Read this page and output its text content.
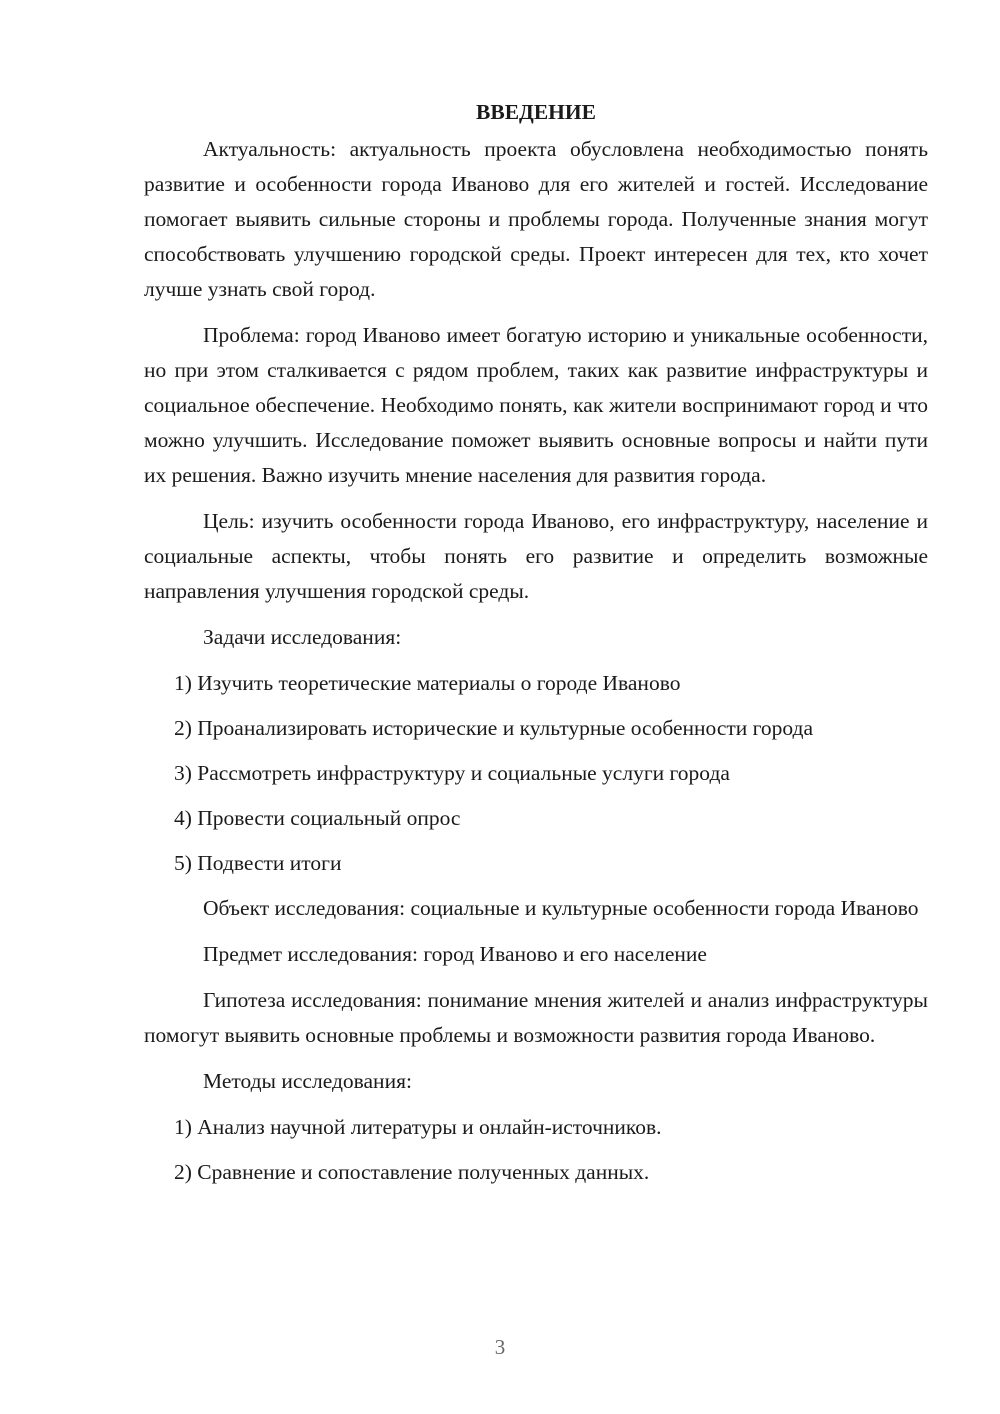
ВВЕДЕНИЕ

Актуальность: актуальность проекта обусловлена необходимостью понять развитие и особенности города Иваново для его жителей и гостей. Исследование помогает выявить сильные стороны и проблемы города. Полученные знания могут способствовать улучшению городской среды. Проект интересен для тех, кто хочет лучше узнать свой город.

Проблема: город Иваново имеет богатую историю и уникальные особенности, но при этом сталкивается с рядом проблем, таких как развитие инфраструктуры и социальное обеспечение. Необходимо понять, как жители воспринимают город и что можно улучшить. Исследование поможет выявить основные вопросы и найти пути их решения. Важно изучить мнение населения для развития города.

Цель: изучить особенности города Иваново, его инфраструктуру, население и социальные аспекты, чтобы понять его развитие и определить возможные направления улучшения городской среды.

Задачи исследования:

1) Изучить теоретические материалы о городе Иваново
2) Проанализировать исторические и культурные особенности города
3) Рассмотреть инфраструктуру и социальные услуги города
4) Провести социальный опрос
5) Подвести итоги

Объект исследования: социальные и культурные особенности города Иваново

Предмет исследования: город Иваново и его население

Гипотеза исследования: понимание мнения жителей и анализ инфраструктуры помогут выявить основные проблемы и возможности развития города Иваново.

Методы исследования:

1) Анализ научной литературы и онлайн-источников.
2) Сравнение и сопоставление полученных данных.
3
